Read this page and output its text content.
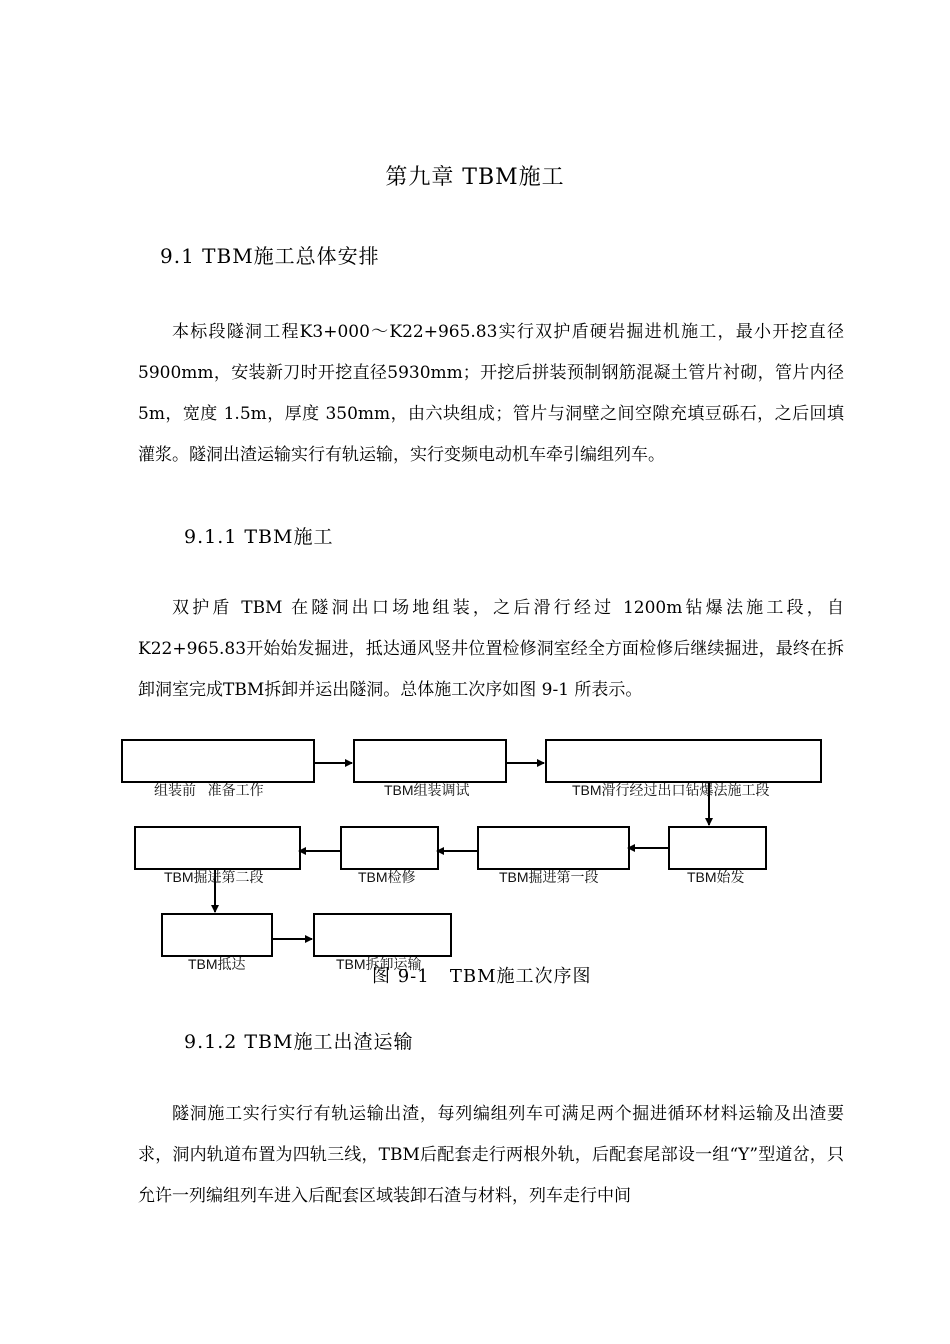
第九章 TBM施工
9.1 TBM施工总体安排

本标段隧洞工程K3+000～K22+965.83实行双护盾硬岩掘进机施工，最小开挖直径5900mm，安装新刀时开挖直径5930mm；开挖后拼装预制钢筋混凝土管片衬砌，管片内径 5m，宽度 1.5m，厚度 350mm，由六块组成；管片与洞壁之间空隙充填豆砾石，之后回填灌浆。隧洞出渣运输实行有轨运输，实行变频电动机车牵引编组列车。

9.1.1 TBM施工

双护盾 TBM 在隧洞出口场地组装，之后滑行经过 1200m钻爆法施工段，自K22+965.83开始始发掘进，抵达通风竖井位置检修洞室经全方面检修后继续掘进，最终在拆卸洞室完成TBM拆卸并运出隧洞。总体施工次序如图 9-1 所表示。

组装前   准备工作	TBM组装调试	TBM滑行经过出口钻爆法施工段
TBM始发
TBM掘进第一段
TBM检修
TBM掘进第二段
TBM抵达	TBM拆卸运输
图 9-1   TBM施工次序图
9.1.2 TBM施工出渣运输

隧洞施工实行实行有轨运输出渣，每列编组列车可满足两个掘进循环材料运输及出渣要求，洞内轨道布置为四轨三线，TBM后配套走行两根外轨，后配套尾部设一组“Y”型道岔，只允许一列编组列车进入后配套区域装卸石渣与材料，列车走行中间
